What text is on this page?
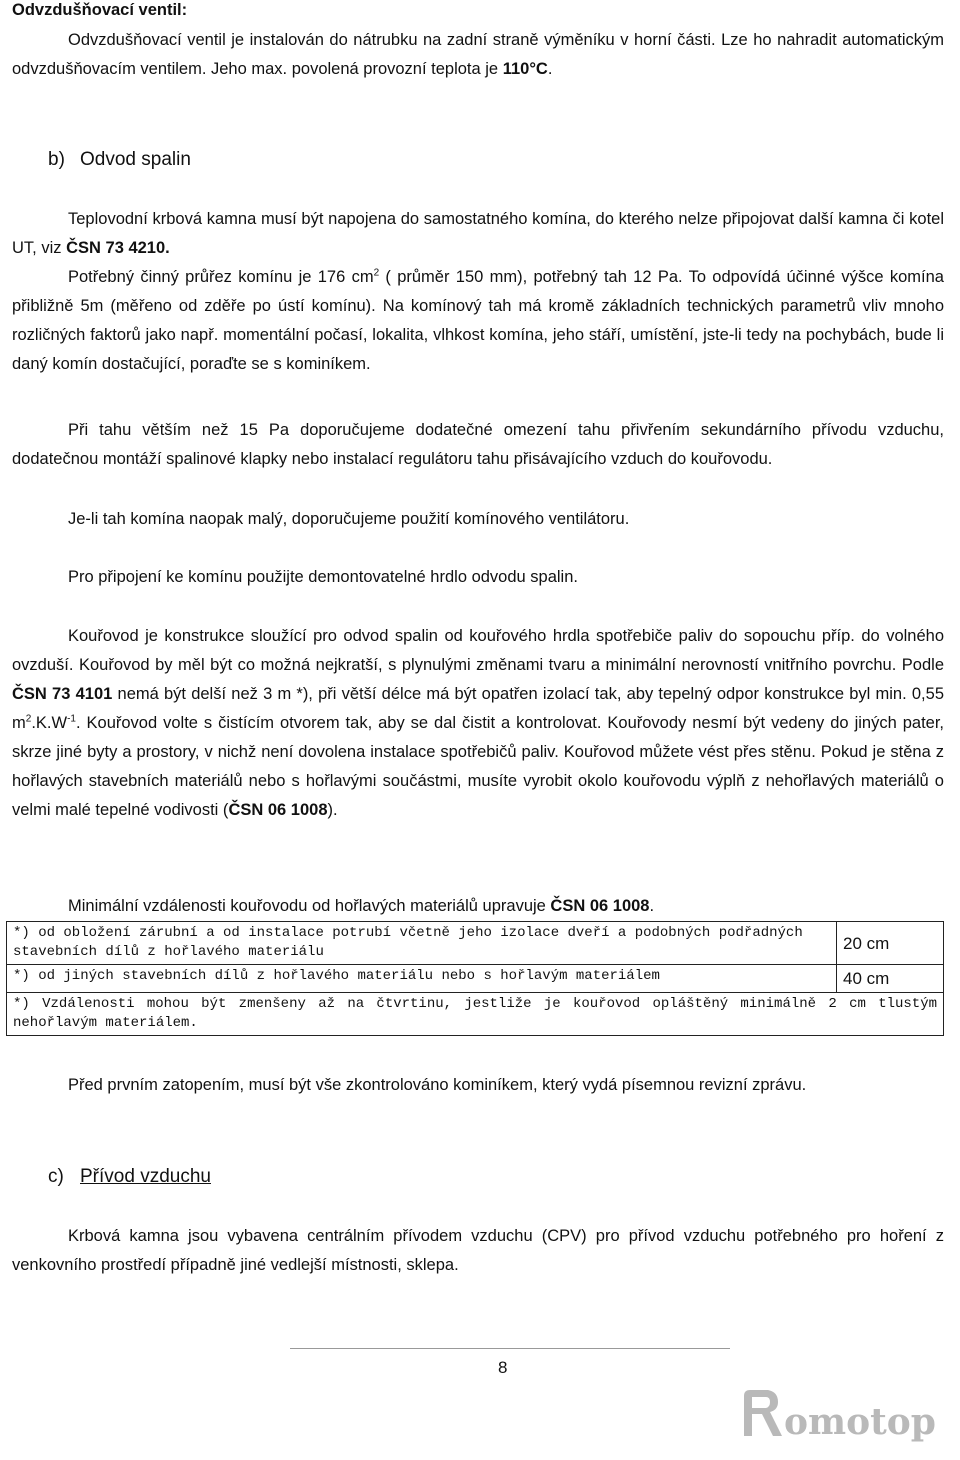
Odvzdušňovací ventil:

Odvzdušňovací ventil je instalován do nátrubku na zadní straně výměníku v horní části. Lze ho nahradit automatickým odvzdušňovacím ventilem. Jeho max. povolená provozní teplota je 110°C.

b) Odvod spalin

Teplovodní krbová kamna musí být napojena do samostatného komína, do kterého nelze připojovat další kamna či kotel UT, viz ČSN 73 4210.

Potřebný činný průřez komínu je 176 $cm^2$ ( průměr 150 mm), potřebný tah 12 Pa. To odpovídá účinné výšce komína přibližně 5m (měřeno od zděře po ústí komínu). Na komínový tah má kromě základních technických parametrů vliv mnoho rozličných faktorů jako např. momentální počasí, lokalita, vlhkost komína, jeho stáří, umístění, jste-li tedy na pochybách, bude li daný komín dostačující, poraďte se s kominíkem.

Při tahu větším než 15 Pa doporučujeme dodatečné omezení tahu přivřením sekundárního přívodu vzduchu, dodatečnou montáží spalinové klapky nebo instalací regulátoru tahu přisávajícího vzduch do kouřovodu.

Je-li tah komína naopak malý, doporučujeme použití komínového ventilátoru.

Pro připojení ke komínu použijte demontovatelné hrdlo odvodu spalin.

Kouřovod je konstrukce sloužící pro odvod spalin od kouřového hrdla spotřebiče paliv do sopouchu příp. do volného ovzduší. Kouřovod by měl být co možná nejkratší, s plynulými změnami tvaru a minimální nerovností vnitřního povrchu. Podle ČSN 73 4101 nemá být delší než 3 m *), při větší délce má být opatřen izolací tak, aby tepelný odpor konstrukce byl min. 0,55 $m^2.K.W^{-1}$. Kouřovod volte s čistícím otvorem tak, aby se dal čistit a kontrolovat. Kouřovody nesmí být vedeny do jiných pater, skrze jiné byty a prostory, v nichž není dovolena instalace spotřebičů paliv. Kouřovod můžete vést přes stěnu. Pokud je stěna z hořlavých stavebních materiálů nebo s hořlavými součástmi, musíte vyrobit okolo kouřovodu výplň z nehořlavých materiálů o velmi malé tepelné vodivosti (ČSN 06 1008).

Minimální vzdálenosti kouřovodu od hořlavých materiálů upravuje ČSN 06 1008.

*) od obložení zárubní a od instalace potrubí včetně jeho izolace dveří a podobných podřadných stavebních dílů z hořlavého materiálu	20 cm
*) od jiných stavebních dílů z hořlavého materiálu nebo s hořlavým materiálem	40 cm
*) Vzdálenosti mohou být zmenšeny až na čtvrtinu, jestliže je kouřovod opláštěný minimálně 2 cm tlustým nehořlavým materiálem.	

Před prvním zatopením, musí být vše zkontrolováno kominíkem, který vydá písemnou revizní zprávu.

c) Přívod vzduchu

Krbová kamna jsou vybavena centrálním přívodem vzduchu (CPV) pro přívod vzduchu potřebného pro hoření z venkovního prostředí případně jiné vedlejší místnosti, sklepa.

8
omotop
